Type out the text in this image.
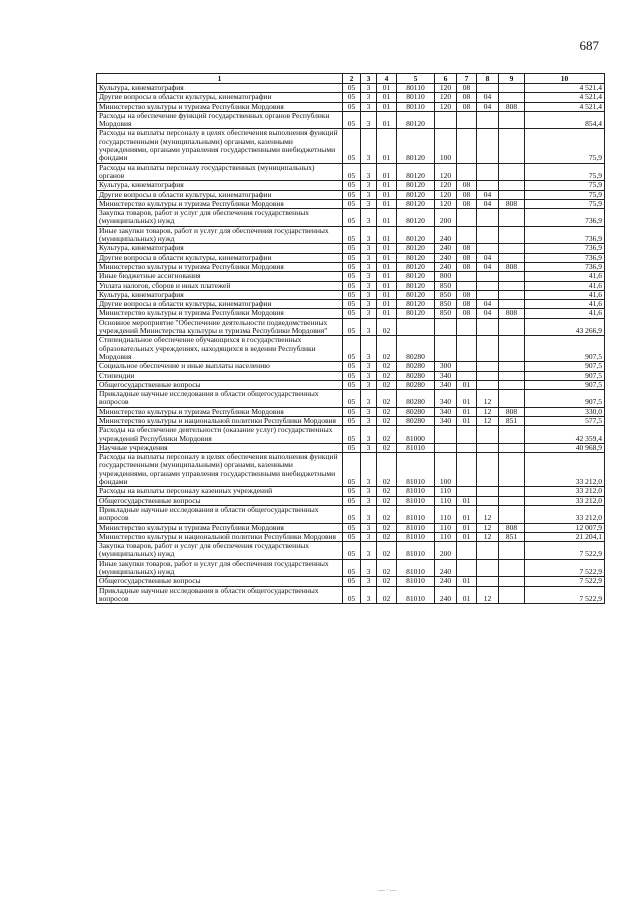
687
1	2	3	4	5	6	7	8	9	10
Культура, кинематография	05	3	01	80110	120	08			4 521,4
Другие вопросы в области культуры, кинематографии	05	3	01	80110	120	08	04		4 521,4
Министерство культуры и туризма Республики Мордовия	05	3	01	80110	120	08	04	808	4 521,4
Расходы на обеспечение функций государственных органов Республики Мордовия	05	3	01	80120					854,4
Расходы на выплаты персоналу в целях обеспечения выполнения функций государственными (муниципальными) органами, казенными учреждениями, органами управления государственными внебюджетными фондами	05	3	01	80120	100				75,9
Расходы на выплаты персоналу государственных (муниципальных) органов	05	3	01	80120	120				75,9
Культура, кинематография	05	3	01	80120	120	08			75,9
Другие вопросы в области культуры, кинематографии	05	3	01	80120	120	08	04		75,9
Министерство культуры и туризма Республики Мордовия	05	3	01	80120	120	08	04	808	75,9
Закупка товаров, работ и услуг для обеспечения государственных (муниципальных) нужд	05	3	01	80120	200				736,9
Иные закупки товаров, работ и услуг для обеспечения государственных (муниципальных) нужд	05	3	01	80120	240				736,9
Культура, кинематография	05	3	01	80120	240	08			736,9
Другие вопросы в области культуры, кинематографии	05	3	01	80120	240	08	04		736,9
Министерство культуры и туризма Республики Мордовия	05	3	01	80120	240	08	04	808	736,9
Иные бюджетные ассигнования	05	3	01	80120	800				41,6
Уплата налогов, сборов и иных платежей	05	3	01	80120	850				41,6
Культура, кинематография	05	3	01	80120	850	08			41,6
Другие вопросы в области культуры, кинематографии	05	3	01	80120	850	08	04		41,6
Министерство культуры и туризма Республики Мордовия	05	3	01	80120	850	08	04	808	41,6
Основное мероприятие "Обеспечение деятельности подведомственных учреждений Министерства культуры и туризма Республики Мордовия"	05	3	02						43 266,9
Стипендиальное обеспечение обучающихся в государственных образовательных учреждениях, находящихся в ведении Республики Мордовия	05	3	02	80280					907,5
Социальное обеспечение и иные выплаты населению	05	3	02	80280	300				907,5
Стипендии	05	3	02	80280	340				907,5
Общегосударственные вопросы	05	3	02	80280	340	01			907,5
Прикладные научные исследования в области общегосударственных вопросов	05	3	02	80280	340	01	12		907,5
Министерство культуры и туризма Республики Мордовия	05	3	02	80280	340	01	12	808	330,0
Министерство культуры и национальной политики Республики Мордовия	05	3	02	80280	340	01	12	851	577,5
Расходы на обеспечение деятельности (оказание услуг) государственных учреждений Республики Мордовия	05	3	02	81000					42 359,4
Научные учреждения	05	3	02	81010					40 968,9
Расходы на выплаты персоналу в целях обеспечения выполнения функций государственными (муниципальными) органами, казенными учреждениями, органами управления государственными внебюджетными фондами	05	3	02	81010	100				33 212,0
Расходы на выплаты персоналу казенных учреждений	05	3	02	81010	110				33 212,0
Общегосударственные вопросы	05	3	02	81010	110	01			33 212,0
Прикладные научные исследования в области общегосударственных вопросов	05	3	02	81010	110	01	12		33 212,0
Министерство культуры и туризма Республики Мордовия	05	3	02	81010	110	01	12	808	12 007,9
Министерство культуры и национальной политики Республики Мордовия	05	3	02	81010	110	01	12	851	21 204,1
Закупка товаров, работ и услуг для обеспечения государственных (муниципальных) нужд	05	3	02	81010	200				7 522,9
Иные закупки товаров, работ и услуг для обеспечения государственных (муниципальных) нужд	05	3	02	81010	240				7 522,9
Общегосударственные вопросы	05	3	02	81010	240	01			7 522,9
Прикладные научные исследования в области общегосударственных вопросов	05	3	02	81010	240	01	12		7 522,9
—·—
